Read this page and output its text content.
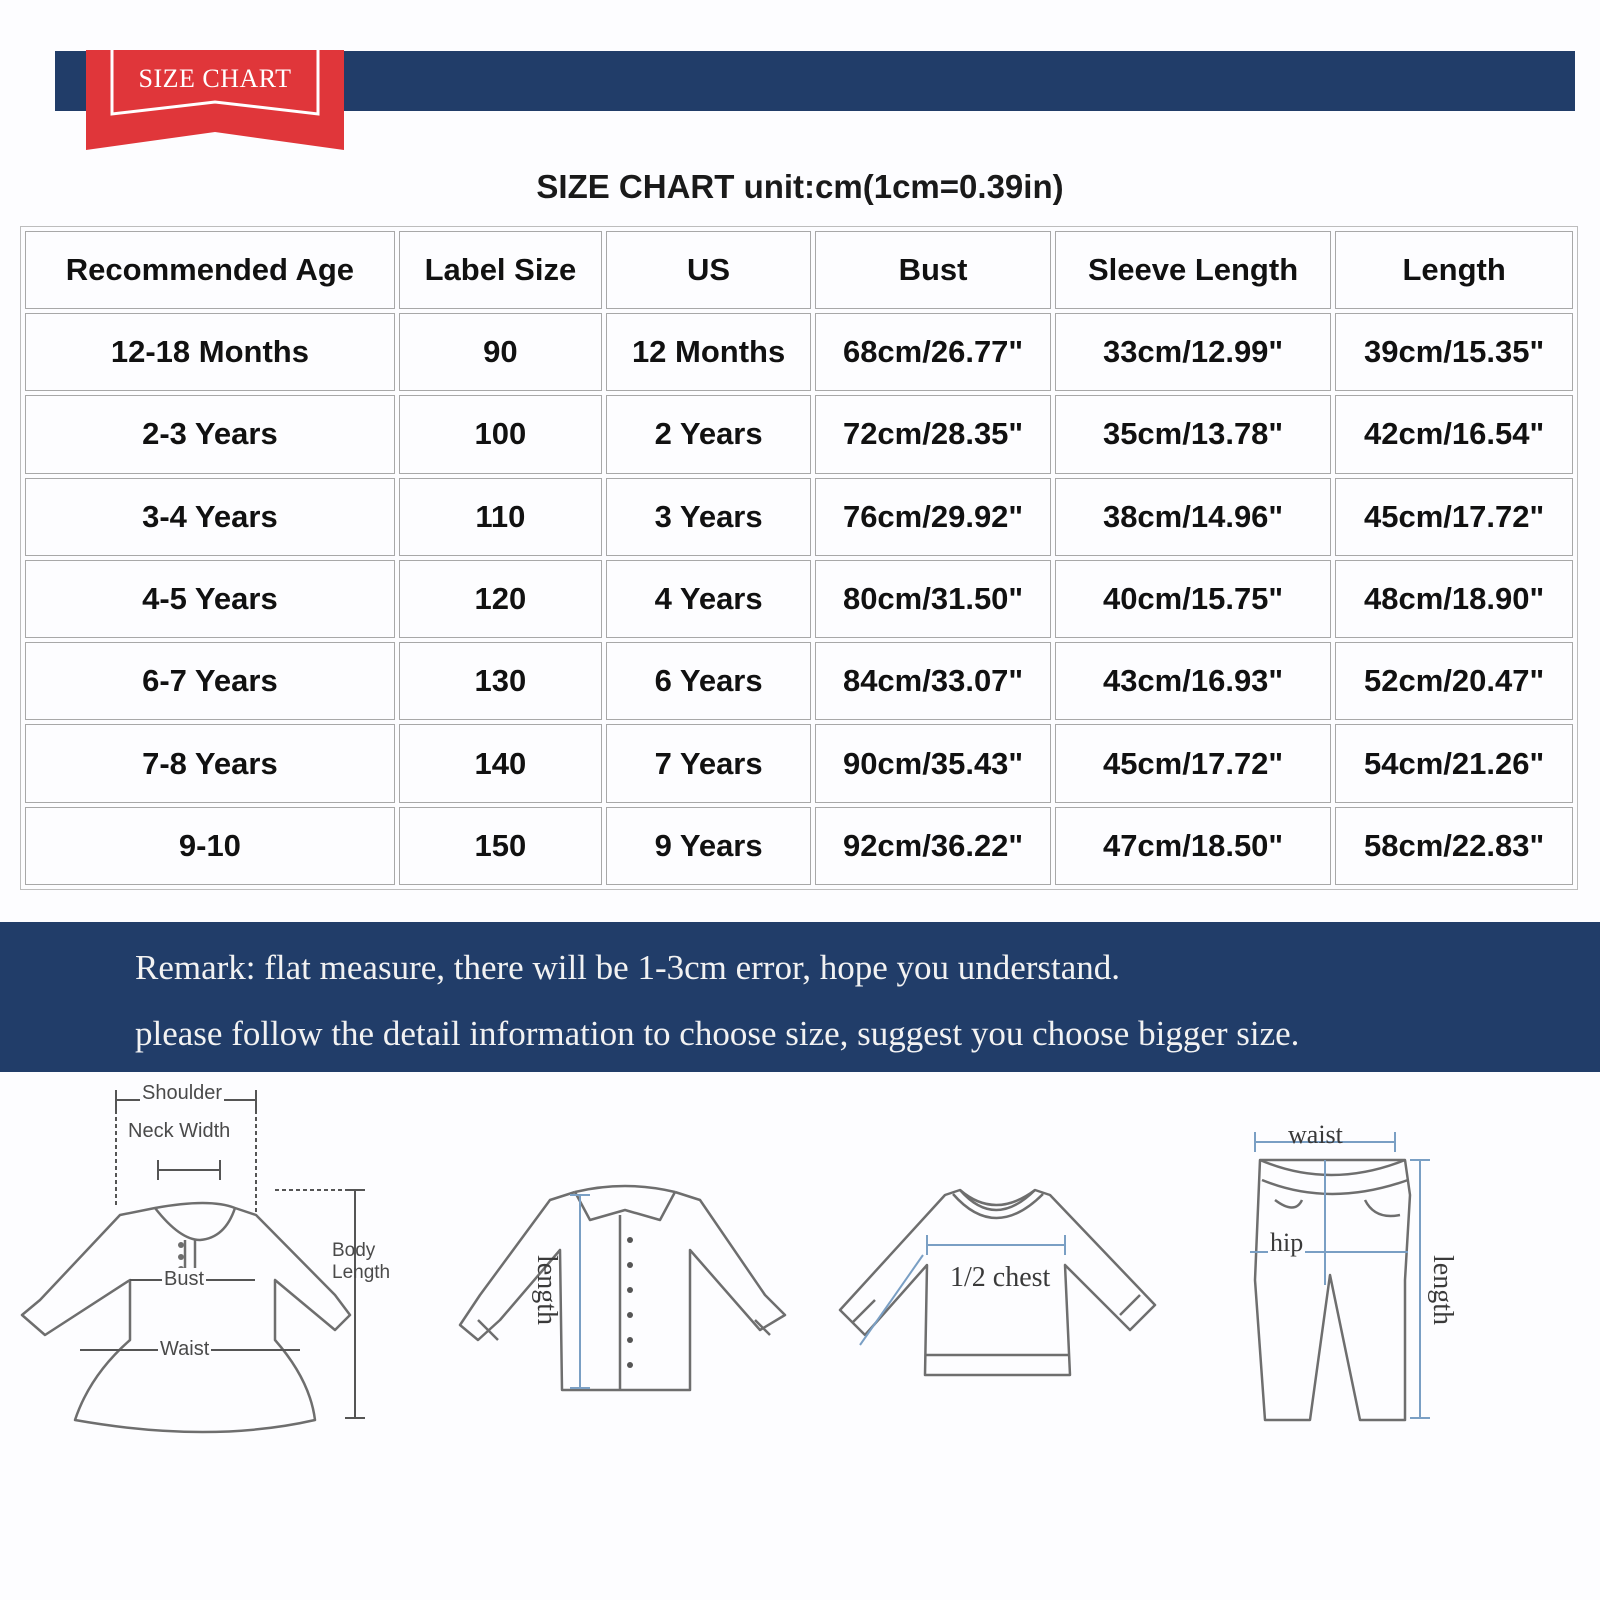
SIZE CHART
SIZE CHART unit:cm(1cm=0.39in)
Recommended Age	Label Size	US	Bust	Sleeve Length	Length
12-18 Months	90	12 Months	68cm/26.77"	33cm/12.99"	39cm/15.35"
2-3 Years	100	2 Years	72cm/28.35"	35cm/13.78"	42cm/16.54"
3-4 Years	110	3 Years	76cm/29.92"	38cm/14.96"	45cm/17.72"
4-5 Years	120	4 Years	80cm/31.50"	40cm/15.75"	48cm/18.90"
6-7 Years	130	6 Years	84cm/33.07"	43cm/16.93"	52cm/20.47"
7-8 Years	140	7 Years	90cm/35.43"	45cm/17.72"	54cm/21.26"
9-10	150	9 Years	92cm/36.22"	47cm/18.50"	58cm/22.83"
Remark: flat measure, there will be 1-3cm error, hope you understand.
please follow the detail information to choose size, suggest you choose bigger size.
Shoulder
Neck Width
Bust
Waist
Body
Length	length	1/2 chest
waist
hip
length
